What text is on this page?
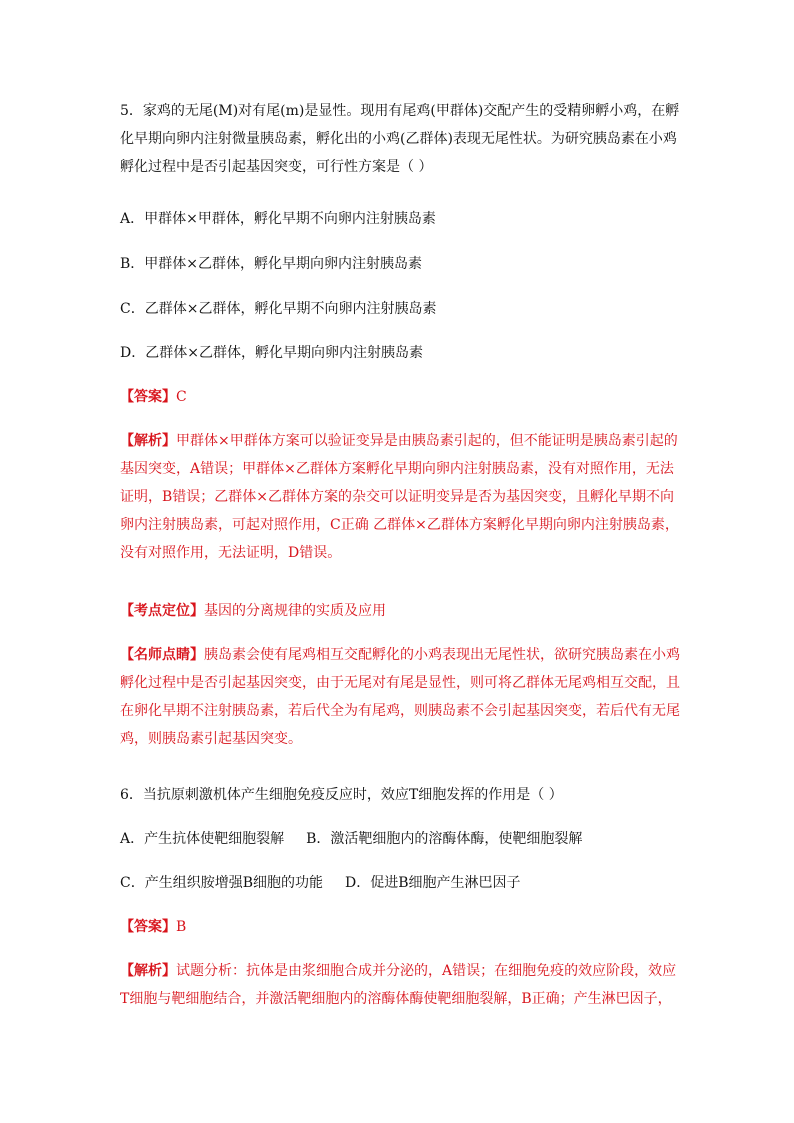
5．家鸡的无尾(M)对有尾(m)是显性。现用有尾鸡(甲群体)交配产生的受精卵孵小鸡，在孵

化早期向卵内注射微量胰岛素，孵化出的小鸡(乙群体)表现无尾性状。为研究胰岛素在小鸡

孵化过程中是否引起基因突变，可行性方案是（ ）

A．甲群体×甲群体，孵化早期不向卵内注射胰岛素

B．甲群体×乙群体，孵化早期向卵内注射胰岛素

C．乙群体×乙群体，孵化早期不向卵内注射胰岛素

D．乙群体×乙群体，孵化早期向卵内注射胰岛素

【答案】C

【解析】甲群体×甲群体方案可以验证变异是由胰岛素引起的，但不能证明是胰岛素引起的

基因突变，A错误；甲群体×乙群体方案孵化早期向卵内注射胰岛素，没有对照作用，无法

证明，B错误；乙群体×乙群体方案的杂交可以证明变异是否为基因突变，且孵化早期不向

卵内注射胰岛素，可起对照作用，C正确 乙群体×乙群体方案孵化早期向卵内注射胰岛素，

没有对照作用，无法证明，D错误。

【考点定位】基因的分离规律的实质及应用

【名师点睛】胰岛素会使有尾鸡相互交配孵化的小鸡表现出无尾性状，欲研究胰岛素在小鸡

孵化过程中是否引起基因突变，由于无尾对有尾是显性，则可将乙群体无尾鸡相互交配，且

在卵化早期不注射胰岛素，若后代全为有尾鸡，则胰岛素不会引起基因突变，若后代有无尾

鸡，则胰岛素引起基因突变。

6．当抗原刺激机体产生细胞免疫反应时，效应T细胞发挥的作用是（ ）

A．产生抗体使靶细胞裂解 B．激活靶细胞内的溶酶体酶，使靶细胞裂解

C．产生组织胺增强B细胞的功能 D．促进B细胞产生淋巴因子

【答案】B

【解析】试题分析：抗体是由浆细胞合成并分泌的，A错误；在细胞免疫的效应阶段，效应

T细胞与靶细胞结合，并激活靶细胞内的溶酶体酶使靶细胞裂解，B正确；产生淋巴因子，
